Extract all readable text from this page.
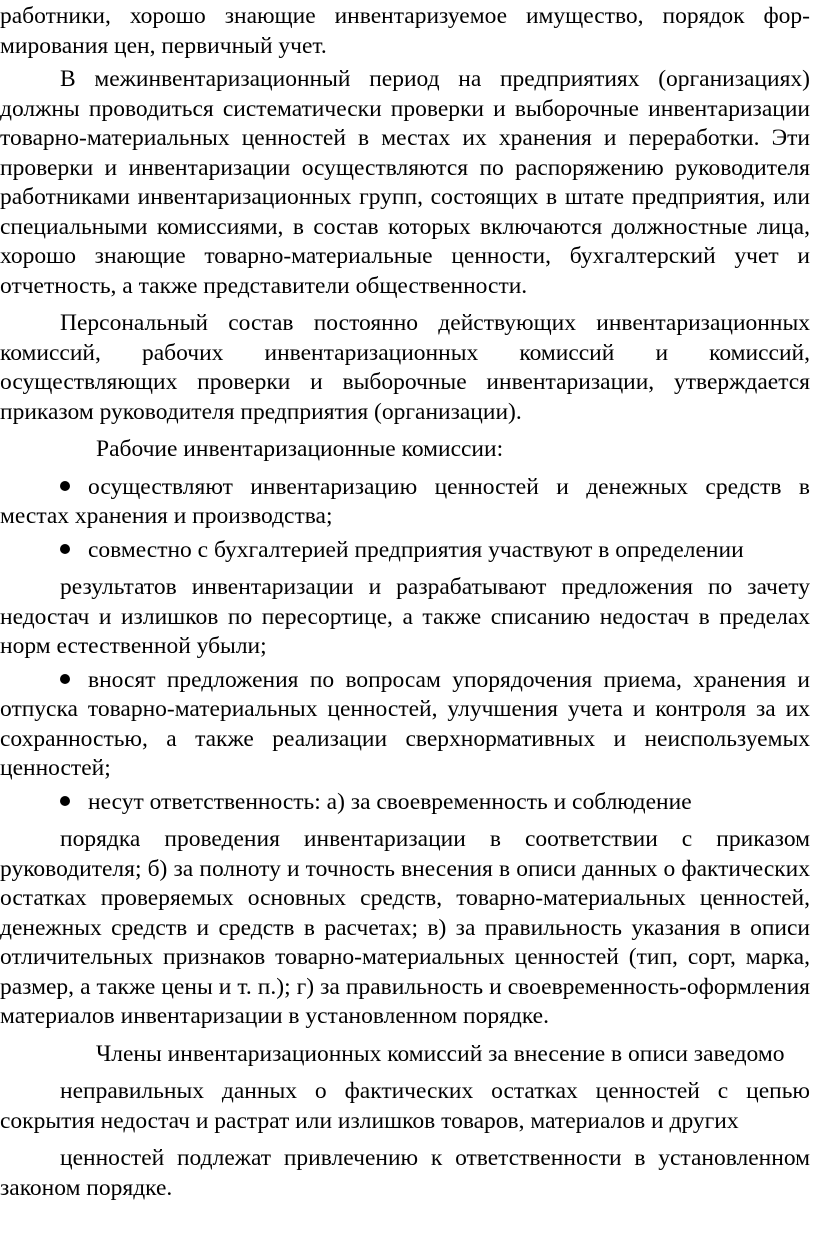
работники, хорошо знающие инвентаризуемое имущество, порядок фор-мирования цен, первичный учет.

В межинвентаризационный период на предприятиях (организациях) должны проводиться систематически проверки и выборочные инвентаризации товарно-материальных ценностей в местах их хранения и переработки. Эти проверки и инвентаризации осуществляются по распоряжению руководителя работниками инвентаризационных групп, состоящих в штате предприятия, или специальными комиссиями, в состав которых включаются должностные лица, хорошо знающие товарно-материальные ценности, бухгалтерский учет и отчетность, а также представители общественности.

Персональный состав постоянно действующих инвентаризационных комиссий, рабочих инвентаризационных комиссий и комиссий, осуществляющих проверки и выборочные инвентаризации, утверждается приказом руководителя предприятия (организации).

Рабочие инвентаризационные комиссии:

осуществляют инвентаризацию ценностей и денежных средств в местах хранения и производства;

совместно с бухгалтерией предприятия участвуют в определении

результатов инвентаризации и разрабатывают предложения по зачету недостач и излишков по пересортице, а также списанию недостач в пределах норм естественной убыли;

вносят предложения по вопросам упорядочения приема, хранения и отпуска товарно-материальных ценностей, улучшения учета и контроля за их сохранностью, а также реализации сверхнормативных и неиспользуемых ценностей;

несут ответственность: а) за своевременность и соблюдение

порядка проведения инвентаризации в соответствии с приказом руководителя; б) за полноту и точность внесения в описи данных о фактических остатках проверяемых основных средств, товарно-материальных ценностей, денежных средств и средств в расчетах; в) за правильность указания в описи отличительных признаков товарно-материальных ценностей (тип, сорт, марка, размер, а также цены и т. п.); г) за правильность и своевременность-оформления материалов инвентаризации в установленном порядке.

Члены инвентаризационных комиссий за внесение в описи заведомо

неправильных данных о фактических остатках ценностей с цепью сокрытия недостач и растрат или излишков товаров, материалов и других

ценностей подлежат привлечению к ответственности в установленном законом порядке.
